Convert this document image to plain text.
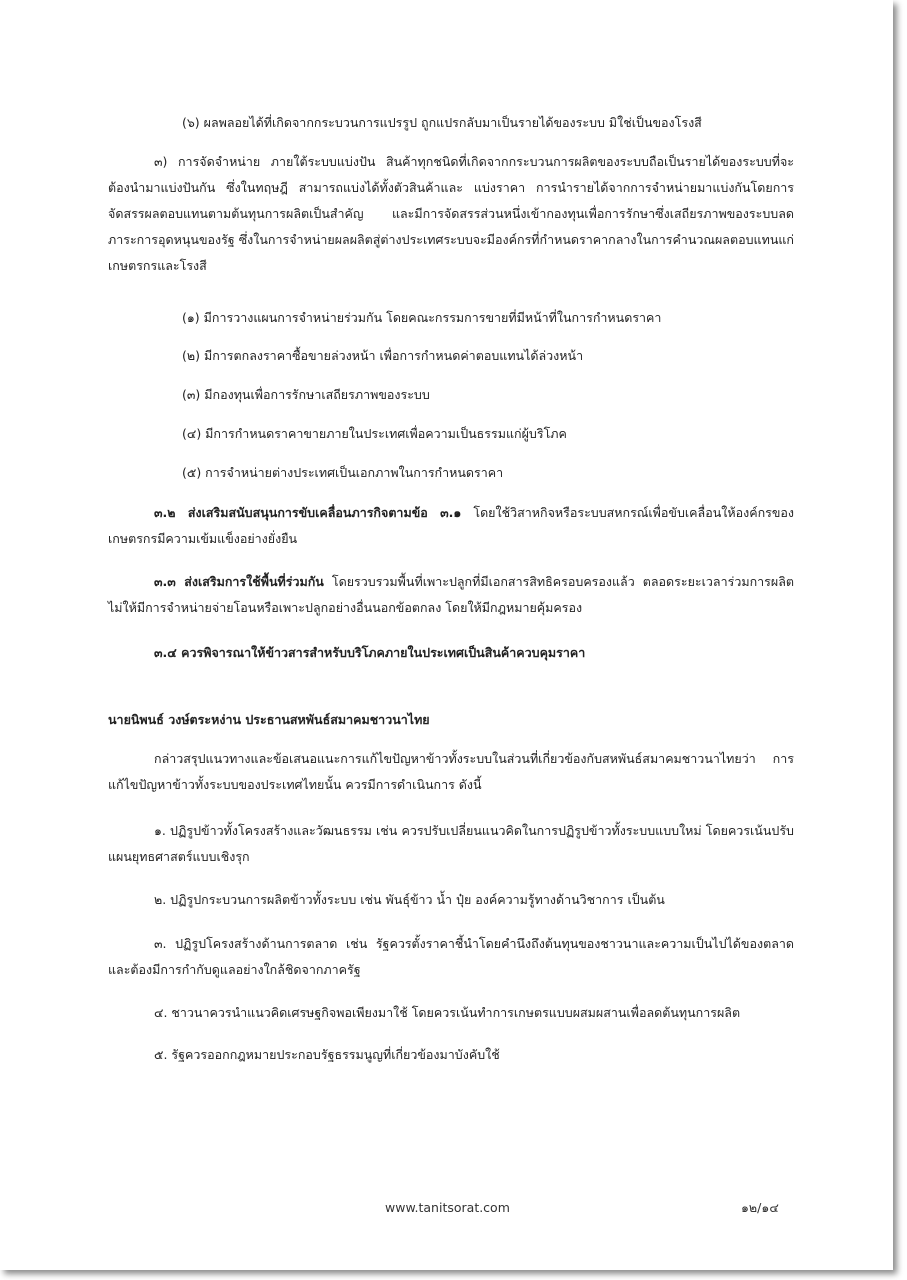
(๖) ผลพลอยได้ที่เกิดจากกระบวนการแปรรูป ถูกแปรกลับมาเป็นรายได้ของระบบ มิใช่เป็นของโรงสี

๓) การจัดจำหน่าย ภายใต้ระบบแบ่งปัน สินค้าทุกชนิดที่เกิดจากกระบวนการผลิตของระบบถือเป็นรายได้ของระบบที่จะต้องนำมาแบ่งปันกัน ซึ่งในทฤษฎี สามารถแบ่งได้ทั้งตัวสินค้าและ แบ่งราคา การนำรายได้จากการจำหน่ายมาแบ่งกันโดยการจัดสรรผลตอบแทนตามต้นทุนการผลิตเป็นสำคัญ และมีการจัดสรรส่วนหนึ่งเข้ากองทุนเพื่อการรักษาซึ่งเสถียรภาพของระบบลดภาระการอุดหนุนของรัฐ ซึ่งในการจำหน่ายผลผลิตสู่ต่างประเทศระบบจะมีองค์กรที่กำหนดราคากลางในการคำนวณผลตอบแทนแก่เกษตรกรและโรงสี

(๑) มีการวางแผนการจำหน่ายร่วมกัน โดยคณะกรรมการขายที่มีหน้าที่ในการกำหนดราคา

(๒) มีการตกลงราคาซื้อขายล่วงหน้า เพื่อการกำหนดค่าตอบแทนได้ล่วงหน้า

(๓) มีกองทุนเพื่อการรักษาเสถียรภาพของระบบ

(๔) มีการกำหนดราคาขายภายในประเทศเพื่อความเป็นธรรมแก่ผู้บริโภค

(๕) การจำหน่ายต่างประเทศเป็นเอกภาพในการกำหนดราคา

๓.๒ ส่งเสริมสนับสนุนการขับเคลื่อนภารกิจตามข้อ ๓.๑ โดยใช้วิสาหกิจหรือระบบสหกรณ์เพื่อขับเคลื่อนให้องค์กรของเกษตรกรมีความเข้มแข็งอย่างยั่งยืน

๓.๓ ส่งเสริมการใช้พื้นที่ร่วมกัน โดยรวบรวมพื้นที่เพาะปลูกที่มีเอกสารสิทธิครอบครองแล้ว ตลอดระยะเวลาร่วมการผลิต ไม่ให้มีการจำหน่ายจ่ายโอนหรือเพาะปลูกอย่างอื่นนอกข้อตกลง โดยให้มีกฎหมายคุ้มครอง

๓.๔ ควรพิจารณาให้ข้าวสารสำหรับบริโภคภายในประเทศเป็นสินค้าควบคุมราคา

นายนิพนธ์ วงษ์ตระหง่าน ประธานสหพันธ์สมาคมชาวนาไทย

กล่าวสรุปแนวทางและข้อเสนอแนะการแก้ไขปัญหาข้าวทั้งระบบในส่วนที่เกี่ยวข้องกับสหพันธ์สมาคมชาวนาไทยว่า การแก้ไขปัญหาข้าวทั้งระบบของประเทศไทยนั้น ควรมีการดำเนินการ ดังนี้

๑. ปฏิรูปข้าวทั้งโครงสร้างและวัฒนธรรม เช่น ควรปรับเปลี่ยนแนวคิดในการปฏิรูปข้าวทั้งระบบแบบใหม่ โดยควรเน้นปรับแผนยุทธศาสตร์แบบเชิงรุก

๒. ปฏิรูปกระบวนการผลิตข้าวทั้งระบบ เช่น พันธุ์ข้าว น้ำ ปุ๋ย องค์ความรู้ทางด้านวิชาการ เป็นต้น

๓. ปฏิรูปโครงสร้างด้านการตลาด เช่น รัฐควรตั้งราคาชี้นำโดยคำนึงถึงต้นทุนของชาวนาและความเป็นไปได้ของตลาด และต้องมีการกำกับดูแลอย่างใกล้ชิดจากภาครัฐ

๔. ชาวนาควรนำแนวคิดเศรษฐกิจพอเพียงมาใช้ โดยควรเน้นทำการเกษตรแบบผสมผสานเพื่อลดต้นทุนการผลิต

๕. รัฐควรออกกฎหมายประกอบรัฐธรรมนูญที่เกี่ยวข้องมาบังคับใช้

www.tanitsorat.com	๑๒/๑๔
